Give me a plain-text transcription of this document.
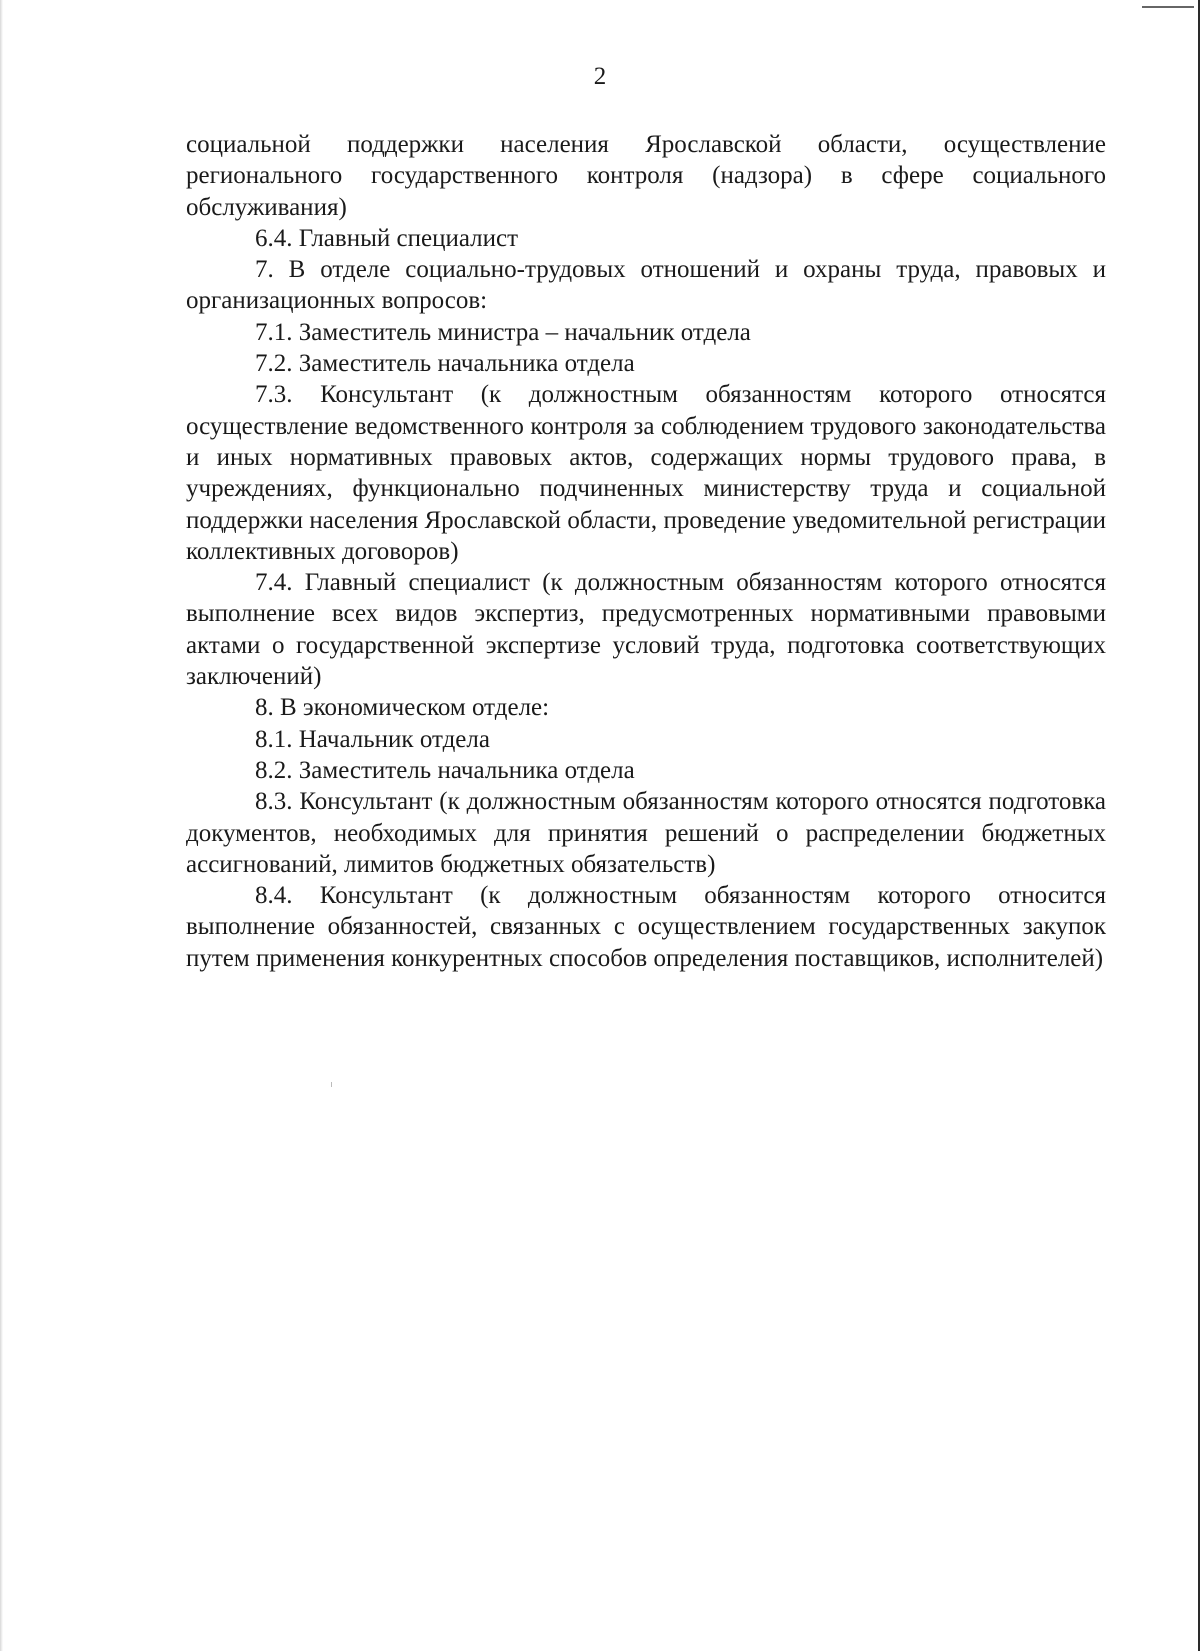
2

социальной поддержки населения Ярославской области, осуществление регионального государственного контроля (надзора) в сфере социального обслуживания)

6.4. Главный специалист

7. В отделе социально-трудовых отношений и охраны труда, правовых и организационных вопросов:

7.1. Заместитель министра – начальник отдела

7.2. Заместитель начальника отдела

7.3. Консультант (к должностным обязанностям которого относятся осуществление ведомственного контроля за соблюдением трудового законодательства и иных нормативных правовых актов, содержащих нормы трудового права, в учреждениях, функционально подчиненных министерству труда и социальной поддержки населения Ярославской области, проведение уведомительной регистрации коллективных договоров)

7.4. Главный специалист (к должностным обязанностям которого относятся выполнение всех видов экспертиз, предусмотренных нормативными правовыми актами о государственной экспертизе условий труда, подготовка соответствующих заключений)

8. В экономическом отделе:

8.1. Начальник отдела

8.2. Заместитель начальника отдела

8.3. Консультант (к должностным обязанностям которого относятся подготовка документов, необходимых для принятия решений о распределении бюджетных ассигнований, лимитов бюджетных обязательств)

8.4. Консультант (к должностным обязанностям которого относится выполнение обязанностей, связанных с осуществлением государственных закупок путем применения конкурентных способов определения поставщиков, исполнителей)
